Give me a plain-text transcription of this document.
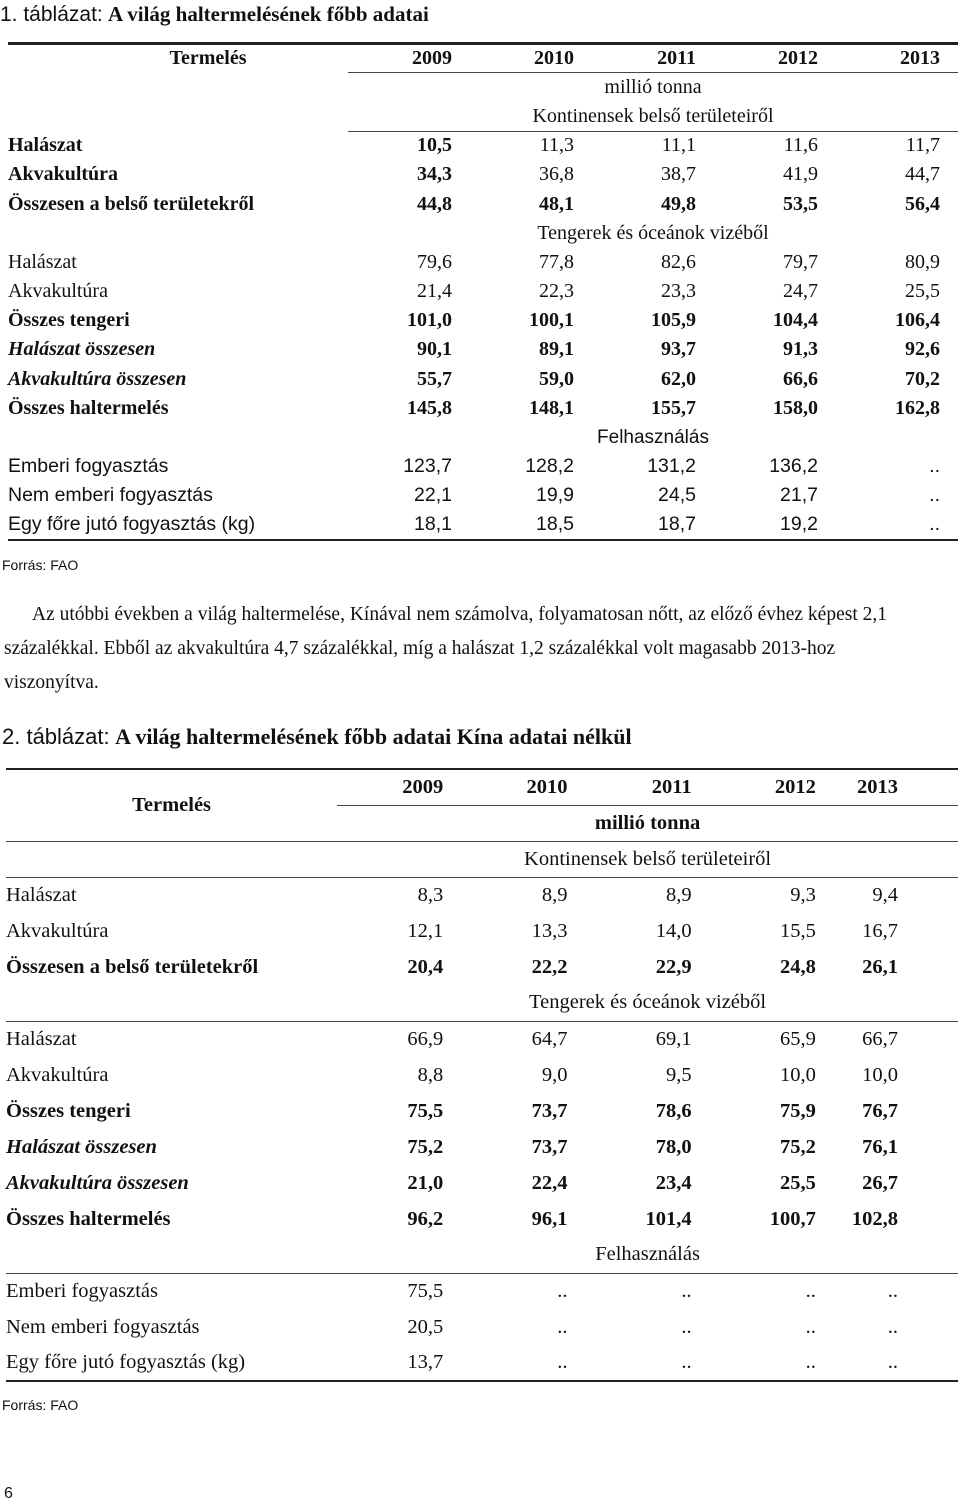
1. táblázat: A világ haltermelésének főbb adatai
Termelés	2009	2010	2011	2012	2013
	millió tonna				
	Kontinensek belső területeiről				
Halászat	10,5	11,3	11,1	11,6	11,7
Akvakultúra	34,3	36,8	38,7	41,9	44,7
Összesen a belső területekről	44,8	48,1	49,8	53,5	56,4
	Tengerek és óceánok vizéből				
Halászat	79,6	77,8	82,6	79,7	80,9
Akvakultúra	21,4	22,3	23,3	24,7	25,5
Összes tengeri	101,0	100,1	105,9	104,4	106,4
Halászat összesen	90,1	89,1	93,7	91,3	92,6
Akvakultúra összesen	55,7	59,0	62,0	66,6	70,2
Összes haltermelés	145,8	148,1	155,7	158,0	162,8
	Felhasználás				
Emberi fogyasztás	123,7	128,2	131,2	136,2	..
Nem emberi fogyasztás	22,1	19,9	24,5	21,7	..
Egy főre jutó fogyasztás (kg)	18,1	18,5	18,7	19,2	..
Forrás: FAO
Az utóbbi években a világ haltermelése, Kínával nem számolva, folyamatosan nőtt, az előző évhez képest 2,1 százalékkal. Ebből az akvakultúra 4,7 százalékkal, míg a halászat 1,2 százalékkal volt magasabb 2013-hoz viszonyítva.
2. táblázat: A világ haltermelésének főbb adatai Kína adatai nélkül
Termelés	2009	2010	2011	2012	2013
	millió tonna				
	Kontinensek belső területeiről				
Halászat	8,3	8,9	8,9	9,3	9,4
Akvakultúra	12,1	13,3	14,0	15,5	16,7
Összesen a belső területekről	20,4	22,2	22,9	24,8	26,1
	Tengerek és óceánok vizéből				
Halászat	66,9	64,7	69,1	65,9	66,7
Akvakultúra	8,8	9,0	9,5	10,0	10,0
Összes tengeri	75,5	73,7	78,6	75,9	76,7
Halászat összesen	75,2	73,7	78,0	75,2	76,1
Akvakultúra összesen	21,0	22,4	23,4	25,5	26,7
Összes haltermelés	96,2	96,1	101,4	100,7	102,8
	Felhasználás				
Emberi fogyasztás	75,5	..	..	..	..
Nem emberi fogyasztás	20,5	..	..	..	..
Egy főre jutó fogyasztás (kg)	13,7	..	..	..	..
Forrás: FAO
6
